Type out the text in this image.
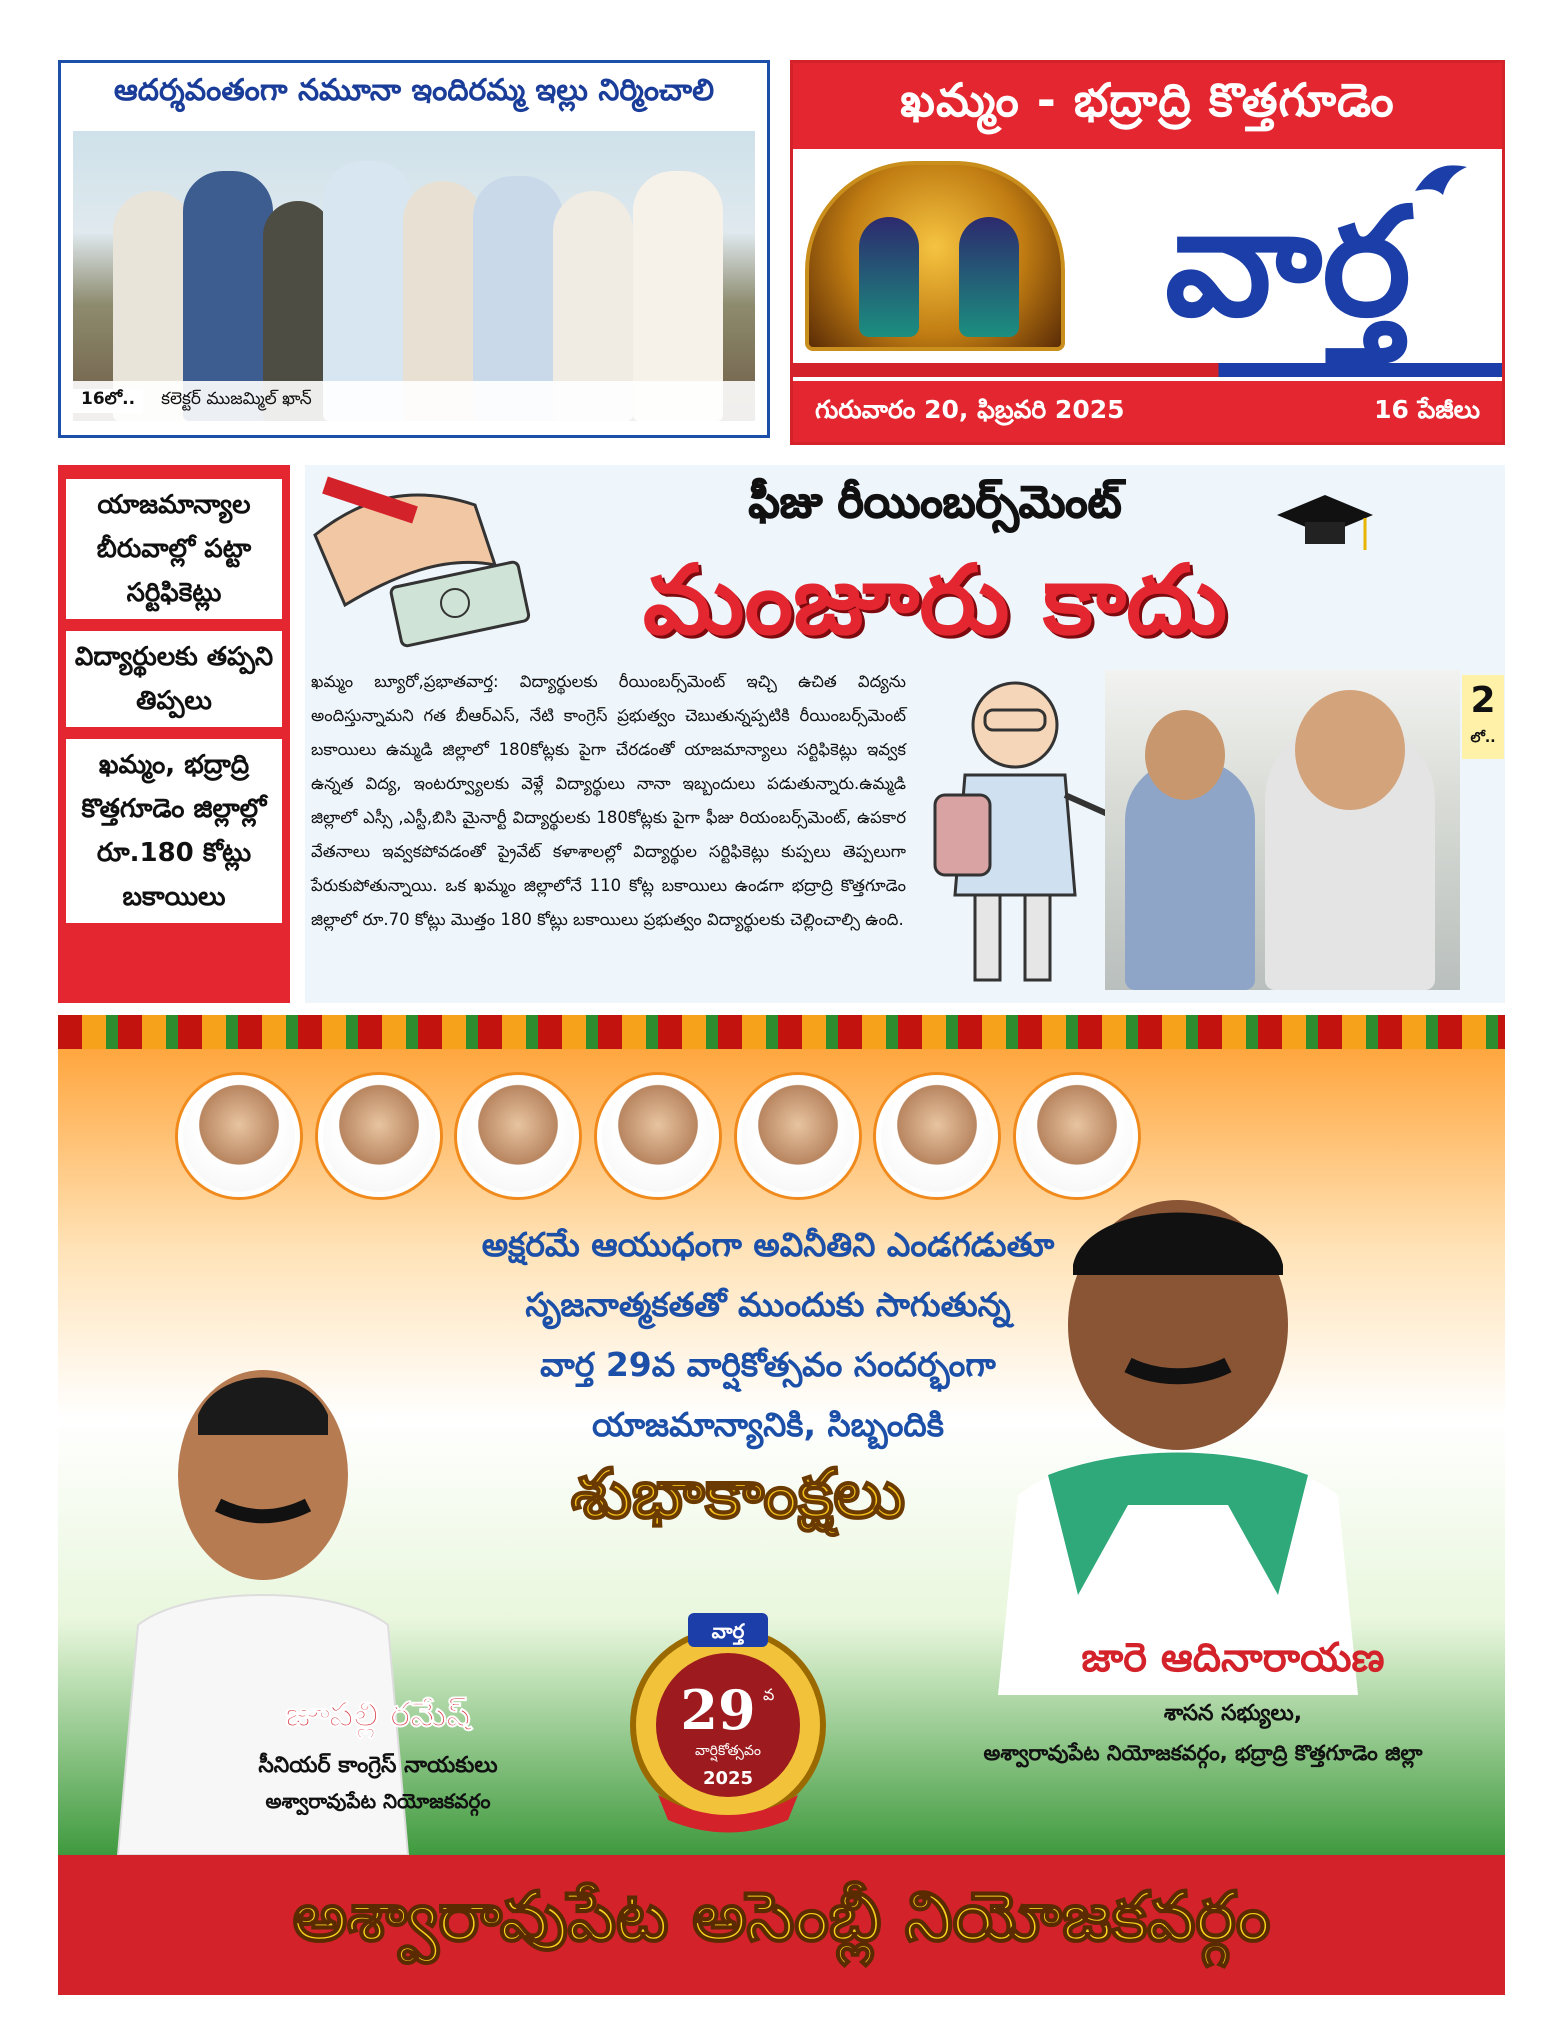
ఆదర్శవంతంగా నమూనా ఇందిరమ్మ ఇల్లు నిర్మించాలి
16లో..	కలెక్టర్ ముజమ్మిల్ ఖాన్
ఖమ్మం - భద్రాద్రి కొత్తగూడెం
వార్త
గురువారం 20, ఫిబ్రవరి 2025	16 పేజీలు
యాజమాన్యాల బీరువాల్లో పట్టా సర్టిఫికెట్లు
విద్యార్థులకు తప్పని తిప్పలు
ఖమ్మం, భద్రాద్రి కొత్తగూడెం జిల్లాల్లో రూ.180 కోట్లు బకాయిలు
ఫీజు రీయింబర్స్‌మెంట్
మంజూరు కాదు
ఖమ్మం బ్యూరో,ప్రభాతవార్త: విద్యార్థులకు రీయింబర్స్‌మెంట్ ఇచ్చి ఉచిత విద్యను అందిస్తున్నామని గత బీఆర్ఎస్, నేటి కాంగ్రెస్ ప్రభుత్వం చెబుతున్నప్పటికి రీయింబర్స్‌మెంట్ బకాయిలు ఉమ్మడి జిల్లాలో 180కోట్లకు పైగా చేరడంతో యాజమాన్యాలు సర్టిఫికెట్లు ఇవ్వక ఉన్నత విద్య, ఇంటర్వ్యూలకు వెళ్లే విద్యార్థులు నానా ఇబ్బందులు పడుతున్నారు.ఉమ్మడి జిల్లాలో ఎస్సీ ,ఎస్టీ,బిసి మైనార్టీ విద్యార్థులకు 180కోట్లకు పైగా ఫీజు రియంబర్స్‌మెంట్, ఉపకార వేతనాలు ఇవ్వకపోవడంతో ప్రైవేట్ కళాశాలల్లో విద్యార్థుల సర్టిఫికెట్లు కుప్పలు తెప్పలుగా పేరుకుపోతున్నాయి. ఒక ఖమ్మం జిల్లాలోనే 110 కోట్ల బకాయిలు ఉండగా భద్రాద్రి కొత్తగూడెం జిల్లాలో రూ.70 కోట్లు మొత్తం 180 కోట్లు బకాయిలు ప్రభుత్వం విద్యార్థులకు చెల్లించాల్సి ఉంది.
2
లో..
అక్షరమే ఆయుధంగా అవినీతిని ఎండగడుతూ
సృజనాత్మకతతో ముందుకు సాగుతున్న
వార్త 29వ వార్షికోత్సవం సందర్భంగా
యాజమాన్యానికి, సిబ్బందికి
శుభాకాంక్షలు
వార్త
29 వ
వార్షికోత్సవం
2025
జూపల్లి రమేష్
సీనియర్ కాంగ్రెస్ నాయకులు
అశ్వారావుపేట నియోజకవర్గం
జారె ఆదినారాయణ
శాసన సభ్యులు,
అశ్వారావుపేట నియోజకవర్గం, భద్రాద్రి కొత్తగూడెం జిల్లా
అశ్వారావుపేట అసెంబ్లీ నియోజకవర్గం
